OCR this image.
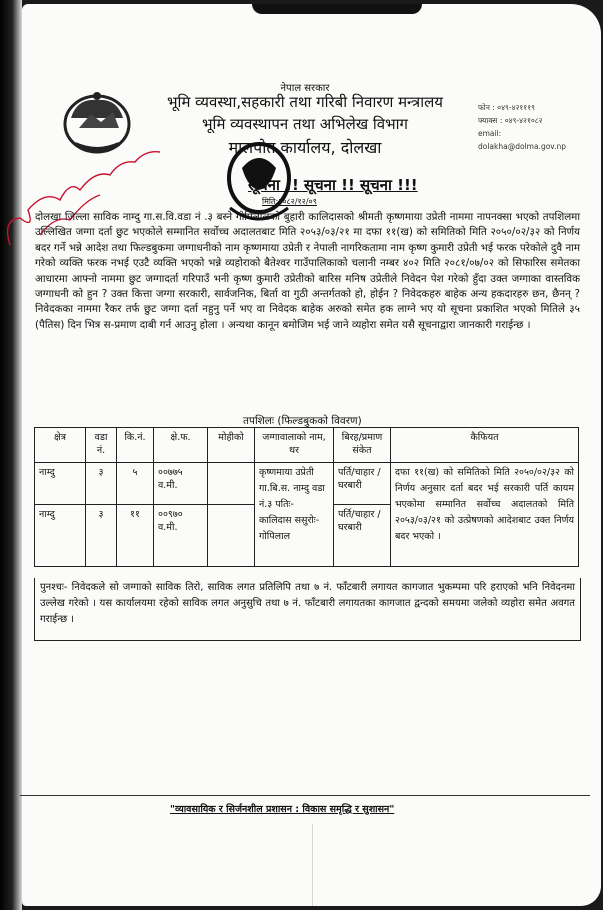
नेपाल सरकार
भूमि व्यवस्था,सहकारी तथा गरिबी निवारण मन्त्रालय
भूमि व्यवस्थापन तथा अभिलेख विभाग
मालपोत कार्यालय, दोलखा
फोन : ०४९-४२१११९
फ्याक्स : ०४९-४२१०८२
email:
dolakha@dolma.gov.np
सूचना !! सूचना !! सूचना !!!
मिति:२०८२/१२/०९
दोलखा जिल्ला साविक नाम्दु गा.स.वि.वडा नं .३ बस्ने गोपिलालको बुहारी कालिदासको श्रीमती कृष्णमाया उप्रेती नाममा नापनक्सा भएको तपशिलमा उल्लिखित जग्गा दर्ता छुट भएकोले सम्मानित सर्वोच्च अदालतबाट मिति २०५३/०३/२१ मा दफा ११(ख) को समितिको मिति २०५०/०२/३२ को निर्णय बदर गर्ने भन्ने आदेश तथा फिल्डबुकमा जग्गाधनीको नाम कृष्णमाया उप्रेती र नेपाली नागरिकतामा नाम कृष्ण कुमारी उप्रेती भई फरक परेकोले दुवै नाम गरेको व्यक्ति फरक नभई एउटै व्यक्ति भएको भन्ने व्यहोराको बैतेश्वर गाउँपालिकाको चलानी नम्बर ४०२ मिति २०८१/०७/०२ को सिफारिस समेतका आधारमा आफ्नो नाममा छुट जग्गादर्ता गरिपाउँ भनी कृष्ण कुमारी उप्रेतीको बारिस मनिष उप्रेतीले निवेदन पेश गरेको हुँदा उक्त जग्गाका वास्तविक जग्गाधनी को हुन ? उक्त कित्ता जग्गा सरकारी, सार्वजनिक, बिर्ता वा गुठी अन्तर्गतको हो, होईन ? निवेदकहरु बाहेक अन्य हकदारहरु छन, छैनन् ? निवेदकका नाममा रैकर तर्फ छुट जग्गा दर्ता नहुनु पर्ने भए वा निवेदक बाहेक अरुको समेत हक लाग्ने भए यो सूचना प्रकाशित भएको मितिले ३५ (पैतिस) दिन भित्र स-प्रमाण दाबी गर्न आउनु होला । अन्यथा कानून बमोजिम भई जाने व्यहोरा समेत यसै सूचनाद्वारा जानकारी गराईन्छ ।
तपशिलः (फिल्डबुकको विवरण)
क्षेत्र	वडा नं.	कि.नं.	क्षे.फ.	मोहीको	जग्गावालाको नाम, थर	बिरह/प्रमाण संकेत	कैफियत
नाम्दु	३	५	००७७५ व.मी.		कृष्णमाया उप्रेती गा.बि.स. नाम्दु वडा नं.३ पतिः- कालिदास ससुरोः- गोपिलाल	पर्ति/चाहार /घरबारी	दफा ११(ख) को समितिको मिति २०५०/०२/३२ को निर्णय अनुसार दर्ता बदर भई सरकारी पर्ति कायम भएकोमा सम्मानित सर्वोच्च अदालतको मिति २०५३/०३/२१ को उत्प्रेषणको आदेशबाट उक्त निर्णय बदर भएको ।
नाम्दु	३	११	००९७० व.मी.			पर्ति/चाहार /घरबारी	
पुनश्चः- निवेदकले सो जग्गाको साविक तिरो, साविक लगत प्रतिलिपि तथा ७ नं. फाँटबारी लगायत कागजात भुकम्पमा परि हराएको भनि निवेदनमा उल्लेख गरेको । यस कार्यालयमा रहेको साविक लगत अनुसुचि तथा ७ नं. फाँटबारी लगायतका कागजात द्वन्दको समयमा जलेको व्यहोरा समेत अवगत गराईन्छ ।
"व्यावसायिक र सिर्जनशील प्रशासन : विकास समृद्धि र सुशासन"
